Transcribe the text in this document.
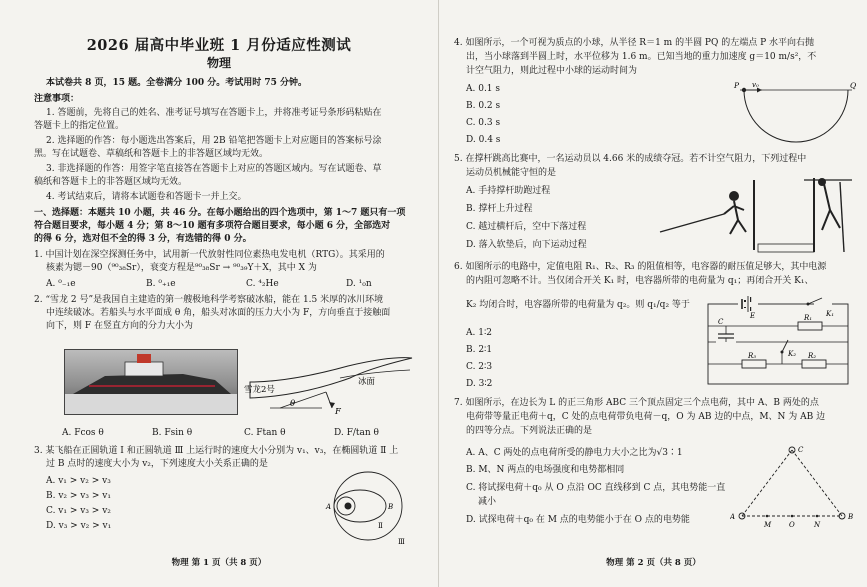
2026 届高中毕业班 1 月份适应性测试
物理
本试卷共 8 页，15 题。全卷满分 100 分。考试用时 75 分钟。
注意事项：
1. 答题前，先将自己的姓名、准考证号填写在答题卡上，并将准考证号条形码粘贴在
答题卡上的指定位置。
2. 选择题的作答：每小题选出答案后，用 2B 铅笔把答题卡上对应题目的答案标号涂
黑。写在试题卷、草稿纸和答题卡上的非答题区域均无效。
3. 非选择题的作答：用签字笔直接答在答题卡上对应的答题区域内。写在试题卷、草
稿纸和答题卡上的非答题区域均无效。
4. 考试结束后，请将本试题卷和答题卡一并上交。
一、选择题：本题共 10 小题，共 46 分。在每小题给出的四个选项中，第 1～7 题只有一项
符合题目要求，每小题 4 分；第 8～10 题有多项符合题目要求，每小题 6 分，全部选对
的得 6 分，选对但不全的得 3 分，有选错的得 0 分。
1. 中国计划在深空探测任务中，试用新一代放射性同位素热电发电机（RTG）。其采用的
核素为锶－90（⁹⁰₃₈Sr），衰变方程是⁹⁰₃₈Sr → ⁹⁰₃₉Y＋X，其中 X 为
A. ⁰₋₁e	B. ⁰₊₁e	C. ⁴₂He	D. ¹₀n
2. “雪龙 2 号”是我国自主建造的第一艘极地科学考察破冰船，能在 1.5 米厚的冰川环境
中连续破冰。若船头与水平面成 θ 角，船头对冰面的压力大小为 F，方向垂直于接触面
向下，则 F 在竖直方向的分力大小为
雪龙2号
冰面
θ
F
A. Fcos θ	B. Fsin θ	C. Ftan θ	D. F/tan θ
3. 某飞船在正圆轨道 Ⅰ 和正圆轨道 Ⅲ 上运行时的速度大小分别为 v₁、v₃，在椭圆轨道 Ⅱ 上
过 B 点时的速度大小为 v₂，下列速度大小关系正确的是
A. v₁ > v₂ > v₃
B. v₂ > v₃ > v₁
C. v₁ > v₃ > v₂
D. v₃ > v₂ > v₁
A	B
Ⅱ
Ⅲ
物理 第 1 页（共 8 页）
4. 如图所示，一个可视为质点的小球，从半径 R＝1 m 的半圆 PQ 的左端点 P 水平向右抛
出，当小球落到半圆上时，水平位移为 1.6 m。已知当地的重力加速度 g＝10 m/s²，不
计空气阻力，则此过程中小球的运动时间为
A. 0.1 s
B. 0.2 s
C. 0.3 s
D. 0.4 s
P v₀	Q
5. 在撑杆跳高比赛中，一名运动员以 4.66 米的成绩夺冠。若不计空气阻力，下列过程中
运动员机械能守恒的是
A. 手持撑杆助跑过程
B. 撑杆上升过程
C. 越过横杆后，空中下落过程
D. 落入软垫后，向下运动过程
6. 如图所示的电路中，定值电阻 R₁、R₂、R₃ 的阻值相等，电容器的耐压值足够大，其中电源
的内阻可忽略不计。当仅闭合开关 K₁ 时，电容器所带的电荷量为 q₁；再闭合开关 K₁、
K₂ 均闭合时，电容器所带的电荷量为 q₂。则 q₁/q₂ 等于
A. 1∶2
B. 2∶1
C. 2∶3
D. 3∶2
E	K₁
K₂
C	R₁
R₂
R₃
7. 如图所示，在边长为 L 的正三角形 ABC 三个顶点固定三个点电荷，其中 A、B 两处的点
电荷带等量正电荷＋q，C 处的点电荷带负电荷－q，O 为 AB 边的中点，M、N 为 AB 边
的四等分点。下列说法正确的是
A. A、C 两处的点电荷所受的静电力大小之比为√3∶1
B. M、N 两点的电场强度和电势都相同
C. 将试探电荷＋q₀ 从 O 点沿 OC 直线移到 C 点，其电势能一直
减小
D. 试探电荷＋q₀ 在 M 点的电势能小于在 O 点的电势能	A	B
C
M	O	N
物理 第 2 页（共 8 页）
